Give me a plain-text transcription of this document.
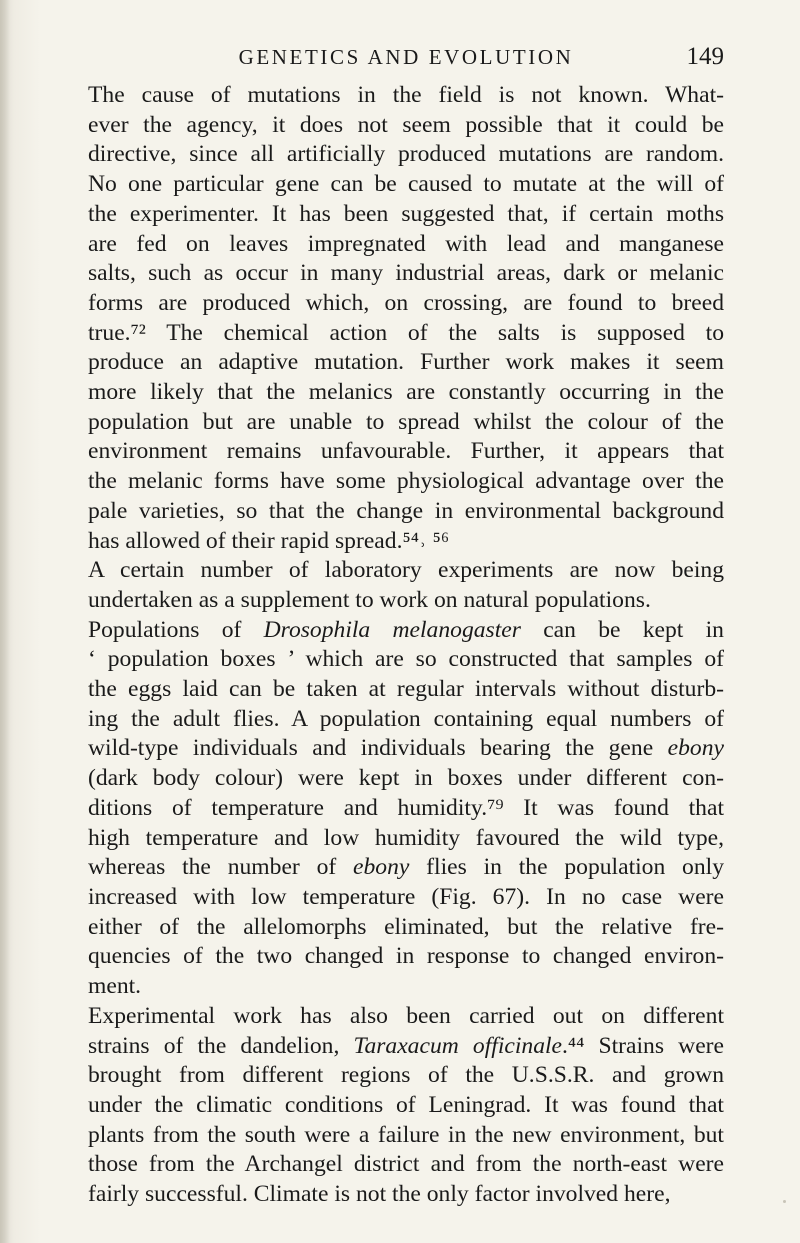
GENETICS AND EVOLUTION	149

The cause of mutations in the field is not known. What-
ever the agency, it does not seem possible that it could be
directive, since all artificially produced mutations are random.
No one particular gene can be caused to mutate at the will of
the experimenter. It has been suggested that, if certain moths
are fed on leaves impregnated with lead and manganese
salts, such as occur in many industrial areas, dark or melanic
forms are produced which, on crossing, are found to breed
true.⁷² The chemical action of the salts is supposed to
produce an adaptive mutation. Further work makes it seem
more likely that the melanics are constantly occurring in the
population but are unable to spread whilst the colour of the
environment remains unfavourable. Further, it appears that
the melanic forms have some physiological advantage over the
pale varieties, so that the change in environmental background
has allowed of their rapid spread.⁵⁴˒ ⁵⁶

A certain number of laboratory experiments are now being
undertaken as a supplement to work on natural populations.

Populations of Drosophila melanogaster can be kept in
‘ population boxes ’ which are so constructed that samples of
the eggs laid can be taken at regular intervals without disturb-
ing the adult flies. A population containing equal numbers of
wild-type individuals and individuals bearing the gene ebony
(dark body colour) were kept in boxes under different con-
ditions of temperature and humidity.⁷⁹ It was found that
high temperature and low humidity favoured the wild type,
whereas the number of ebony flies in the population only
increased with low temperature (Fig. 67). In no case were
either of the allelomorphs eliminated, but the relative fre-
quencies of the two changed in response to changed environ-
ment.

Experimental work has also been carried out on different
strains of the dandelion, Taraxacum officinale.⁴⁴ Strains were
brought from different regions of the U.S.S.R. and grown
under the climatic conditions of Leningrad. It was found that
plants from the south were a failure in the new environment, but
those from the Archangel district and from the north-east were
fairly successful. Climate is not the only factor involved here,
